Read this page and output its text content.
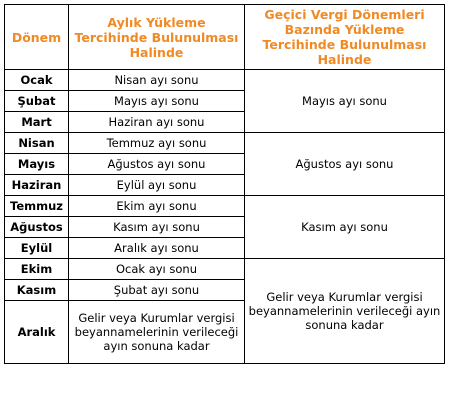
Dönem	Aylık Yükleme Tercihinde Bulunulması Halinde	Geçici Vergi Dönemleri Bazında Yükleme Tercihinde Bulunulması Halinde
Ocak	Nisan ayı sonu	Mayıs ayı sonu
Şubat	Mayıs ayı sonu	
Mart	Haziran ayı sonu	
Nisan	Temmuz ayı sonu	Ağustos ayı sonu
Mayıs	Ağustos ayı sonu	
Haziran	Eylül ayı sonu	
Temmuz	Ekim ayı sonu	Kasım ayı sonu
Ağustos	Kasım ayı sonu	
Eylül	Aralık ayı sonu	
Ekim	Ocak ayı sonu	Gelir veya Kurumlar vergisi beyannamelerinin verileceği ayın sonuna kadar
Kasım	Şubat ayı sonu	
Aralık	Gelir veya Kurumlar vergisi beyannamelerinin verileceği ayın sonuna kadar	
